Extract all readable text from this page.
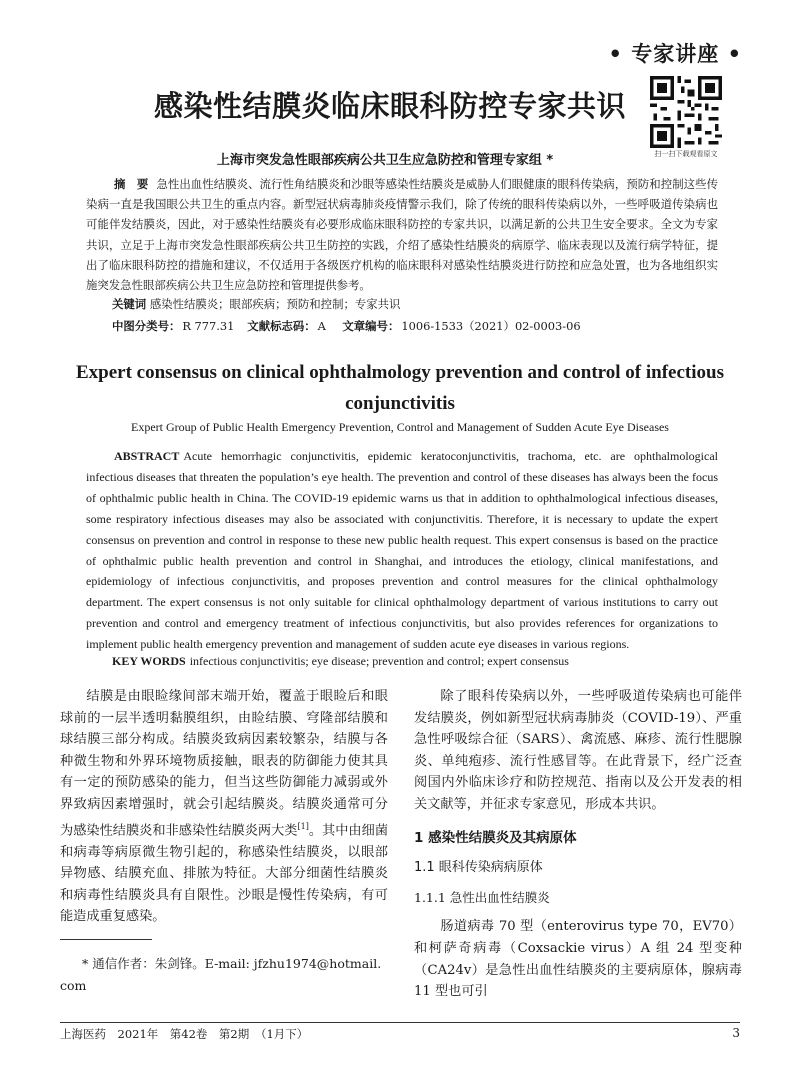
• 专家讲座 •
扫一扫下载观看原文
感染性结膜炎临床眼科防控专家共识
上海市突发急性眼部疾病公共卫生应急防控和管理专家组 *
摘　要 急性出血性结膜炎、流行性角结膜炎和沙眼等感染性结膜炎是威胁人们眼健康的眼科传染病，预防和控制这些传染病一直是我国眼公共卫生的重点内容。新型冠状病毒肺炎疫情警示我们，除了传统的眼科传染病以外，一些呼吸道传染病也可能伴发结膜炎，因此，对于感染性结膜炎有必要形成临床眼科防控的专家共识，以满足新的公共卫生安全要求。全文为专家共识，立足于上海市突发急性眼部疾病公共卫生防控的实践，介绍了感染性结膜炎的病原学、临床表现以及流行病学特征，提出了临床眼科防控的措施和建议，不仅适用于各级医疗机构的临床眼科对感染性结膜炎进行防控和应急处置，也为各地组织实施突发急性眼部疾病公共卫生应急防控和管理提供参考。
关键词 感染性结膜炎；眼部疾病；预防和控制；专家共识
中图分类号： R 777.31 文献标志码： A 文章编号： 1006-1533（2021）02-0003-06
Expert consensus on clinical ophthalmology prevention and control of infectious conjunctivitis
Expert Group of Public Health Emergency Prevention, Control and Management of Sudden Acute Eye Diseases
ABSTRACT Acute hemorrhagic conjunctivitis, epidemic keratoconjunctivitis, trachoma, etc. are ophthalmological infectious diseases that threaten the population’s eye health. The prevention and control of these diseases has always been the focus of ophthalmic public health in China. The COVID-19 epidemic warns us that in addition to ophthalmological infectious diseases, some respiratory infectious diseases may also be associated with conjunctivitis. Therefore, it is necessary to update the expert consensus on prevention and control in response to these new public health request. This expert consensus is based on the practice of ophthalmic public health prevention and control in Shanghai, and introduces the etiology, clinical manifestations, and epidemiology of infectious conjunctivitis, and proposes prevention and control measures for the clinical ophthalmology department. The expert consensus is not only suitable for clinical ophthalmology department of various institutions to carry out prevention and control and emergency treatment of infectious conjunctivitis, but also provides references for organizations to implement public health emergency prevention and management of sudden acute eye diseases in various regions.
KEY WORDS infectious conjunctivitis; eye disease; prevention and control; expert consensus

结膜是由眼睑缘间部末端开始，覆盖于眼睑后和眼球前的一层半透明黏膜组织，由睑结膜、穹隆部结膜和球结膜三部分构成。结膜炎致病因素较繁杂，结膜与各种微生物和外界环境物质接触，眼表的防御能力使其具有一定的预防感染的能力，但当这些防御能力减弱或外界致病因素增强时，就会引起结膜炎。结膜炎通常可分为感染性结膜炎和非感染性结膜炎两大类[1]。其中由细菌和病毒等病原微生物引起的，称感染性结膜炎，以眼部异物感、结膜充血、排脓为特征。大部分细菌性结膜炎和病毒性结膜炎具有自限性。沙眼是慢性传染病，有可能造成重复感染。

除了眼科传染病以外，一些呼吸道传染病也可能伴发结膜炎，例如新型冠状病毒肺炎（COVID-19）、严重急性呼吸综合征（SARS）、禽流感、麻疹、流行性腮腺炎、单纯疱疹、流行性感冒等。在此背景下，经广泛查阅国内外临床诊疗和防控规范、指南以及公开发表的相关文献等，并征求专家意见，形成本共识。

1 感染性结膜炎及其病原体
1.1 眼科传染病病原体
1.1.1 急性出血性结膜炎

肠道病毒 70 型（enterovirus type 70，EV70）和柯萨奇病毒（Coxsackie virus）A 组 24 型变种（CA24v）是急性出血性结膜炎的主要病原体，腺病毒 11 型也可引

* 通信作者：朱剑锋。E-mail: jfzhu1974@hotmail.
com
上海医药　2021年　第42卷　第2期　（1月下）	3
